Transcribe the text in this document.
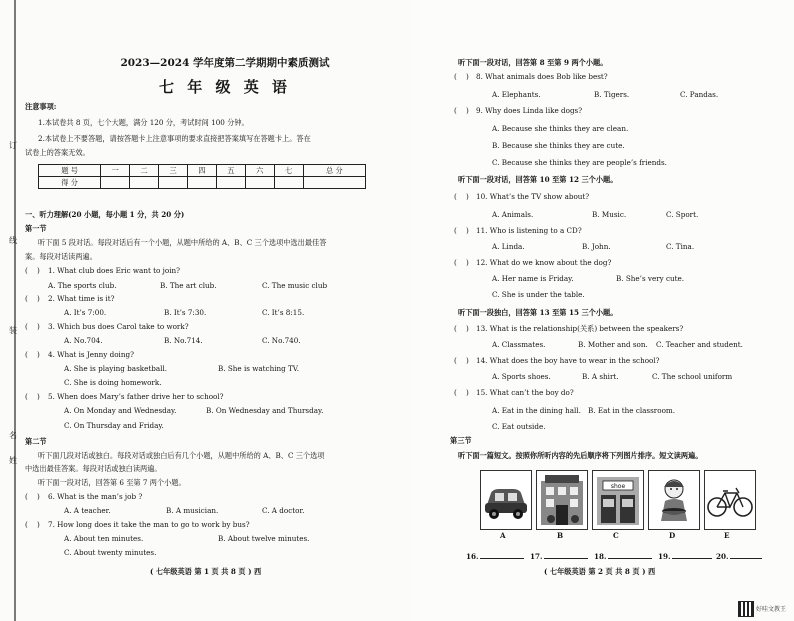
订
线
装
名
姓
2023—2024 学年度第二学期期中素质测试
七 年 级 英 语
注意事项:
1.本试卷共 8 页，七个大题，满分 120 分，考试时间 100 分钟。
2.本试卷上不要答题，请按答题卡上注意事项的要求直接把答案填写在答题卡上。答在
试卷上的答案无效。
题 号	一	二	三	四	五	六	七	总 分
得 分								
一、听力理解(20 小题，每小题 1 分，共 20 分)
第一节
听下面 5 段对话。每段对话后有一个小题，从题中所给的 A、B、C 三个选项中选出最佳答
案。每段对话读两遍。
(    ) 1. What club does Eric want to join?
A. The sports club.	B. The art club.	C. The music club
(    ) 2. What time is it?
A. It’s 7:00.	B. It’s 7:30.	C. It’s 8:15.
(    ) 3. Which bus does Carol take to work?
A. No.704.	B. No.714.	C. No.740.
(    ) 4. What is Jenny doing?
A. She is playing basketball.	B. She is watching TV.
C. She is doing homework.
(    ) 5. When does Mary’s father drive her to school?
A. On Monday and Wednesday.	B. On Wednesday and Thursday.
C. On Thursday and Friday.
第二节
听下面几段对话或独白。每段对话或独白后有几个小题，从题中所给的 A、B、C 三个选项
中选出最佳答案。每段对话或独白读两遍。
听下面一段对话，回答第 6 至第 7 两个小题。
(    ) 6. What is the man’s job ?
A. A teacher.	B. A musician.	C. A doctor.
(    ) 7. How long does it take the man to go to work by bus?
A. About ten minutes.	B. About twelve minutes.
C. About twenty minutes.
( 七年级英语 第 1 页 共 8 页 ) 西
听下面一段对话，回答第 8 至第 9 两个小题。
(    ) 8. What animals does Bob like best?
A. Elephants.	B. Tigers.	C. Pandas.
(    ) 9. Why does Linda like dogs?
A. Because she thinks they are clean.
B. Because she thinks they are cute.
C. Because she thinks they are people’s friends.
听下面一段对话，回答第 10 至第 12 三个小题。
(    ) 10. What’s the TV show about?
A. Animals.	B. Music.	C. Sport.
(    ) 11. Who is listening to a CD?
A. Linda.	B. John.	C. Tina.
(    ) 12. What do we know about the dog?
A. Her name is Friday.	B. She’s very cute.
C. She is under the table.
听下面一段独白，回答第 13 至第 15 三个小题。
(    ) 13. What is the relationship(关系) between the speakers?
A. Classmates.	B. Mother and son. C. Teacher and student.
(    ) 14. What does the boy have to wear in the school?
A. Sports shoes.	B. A shirt.	C. The school uniform
(    ) 15. What can’t the boy do?
A. Eat in the dining hall. B. Eat in the classroom.
C. Eat outside.
第三节
听下面一篇短文。按照你所听内容的先后顺序将下列图片排序。短文读两遍。
shoe
A	B	C	D	E
16.	17.	18.	19.	20.
( 七年级英语 第 2 页 共 8 页 ) 西
好哇文教王
